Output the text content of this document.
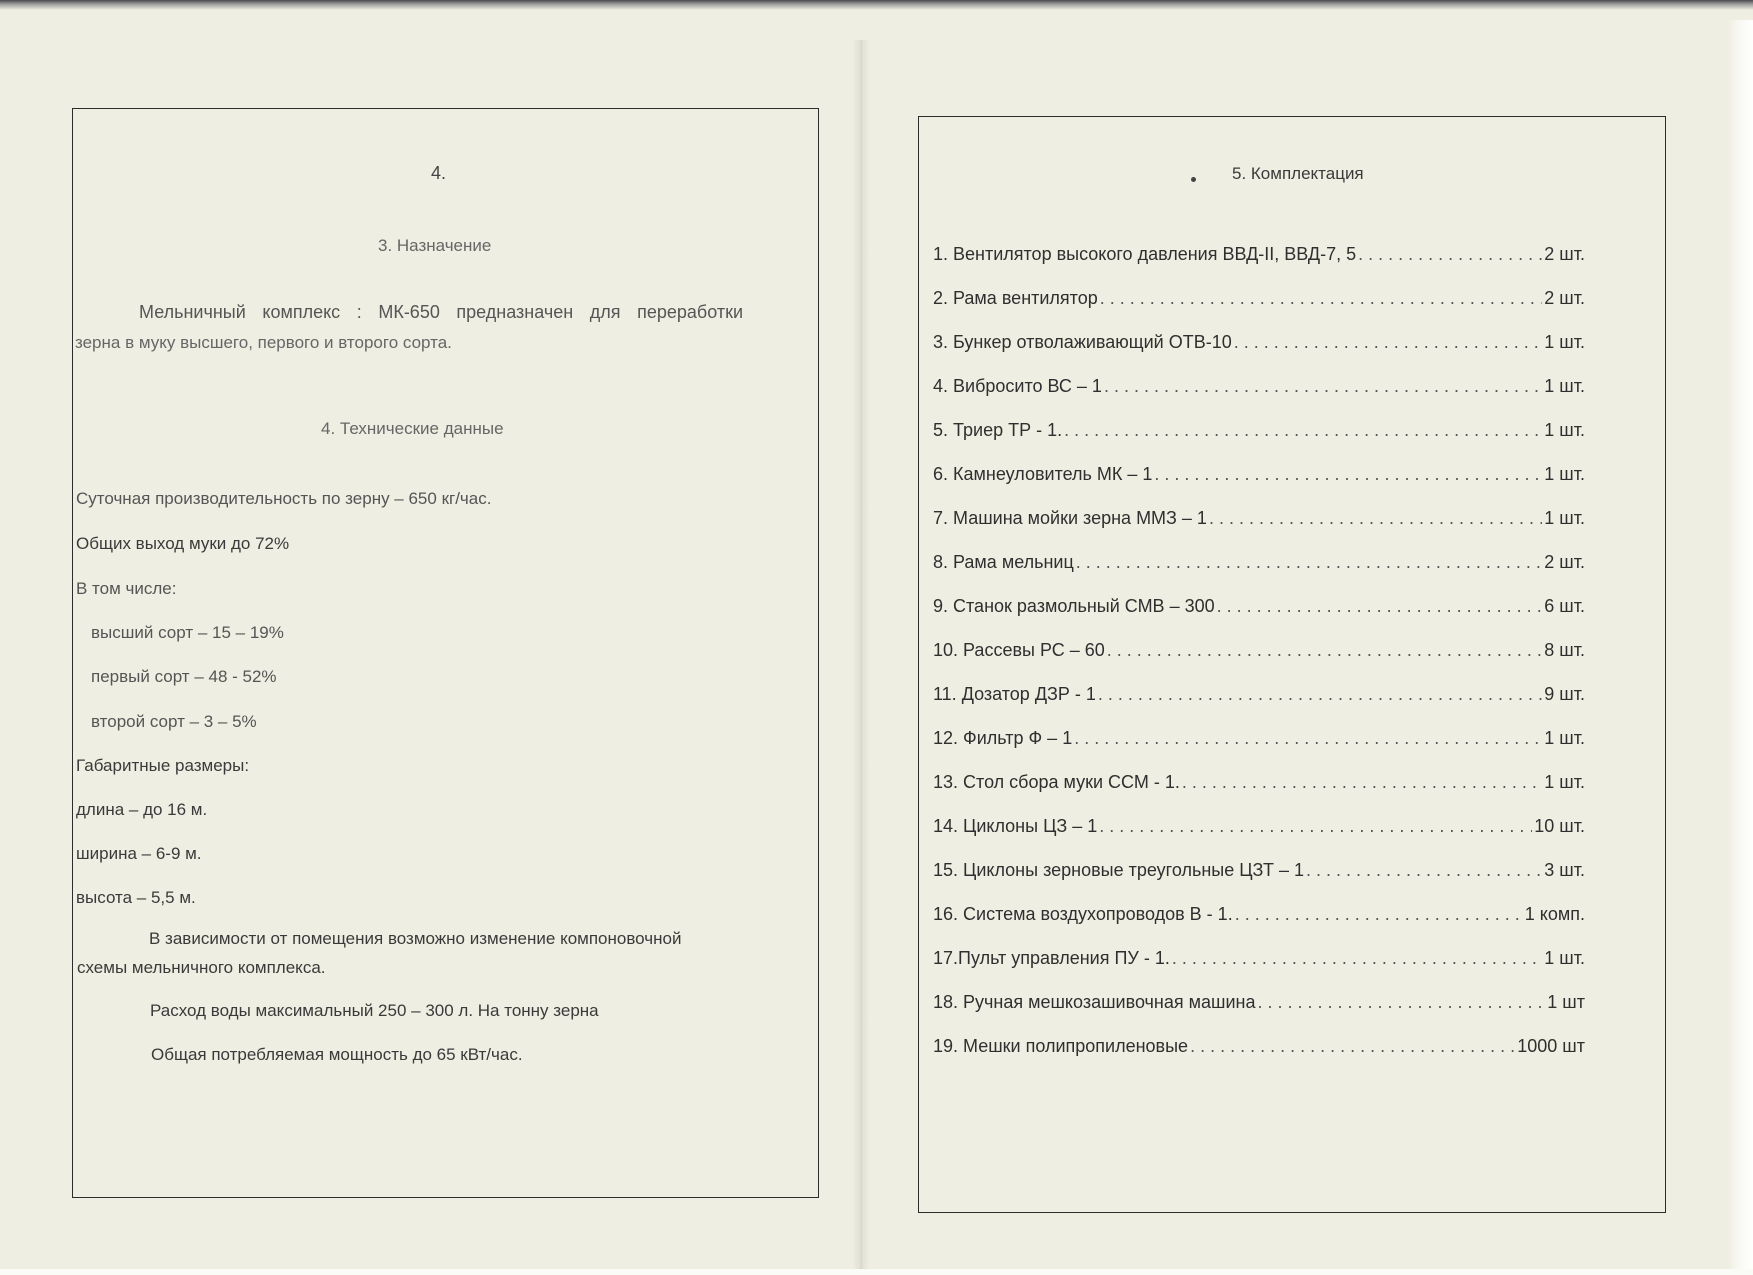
4.
3. Назначение
Мельничный комплекс : МК-650 предназначен для переработки
зерна в муку высшего, первого и второго сорта.
4. Технические данные
Суточная производительность по зерну – 650 кг/час.
Общих выход муки до 72%
В том числе:
высший сорт – 15 – 19%
первый сорт – 48 - 52%
второй сорт – 3 – 5%
Габаритные размеры:
длина – до 16 м.
ширина – 6-9 м.
высота – 5,5 м.
В зависимости от помещения возможно изменение компоновочной
схемы мельничного комплекса.
Расход воды максимальный 250 – 300 л. На тонну зерна
Общая потребляемая мощность до 65 кВт/час.
5. Комплектация
1. Вентилятор высокого давления ВВД-II, ВВД-7, 5 . . .	2 шт.
2. Рама вентилятор . . .	2 шт.
3. Бункер отволаживающий ОТВ-10 . . .	1 шт.
4. Вибросито ВС – 1 . . .	1 шт.
5. Триер ТР - 1. . . .	1 шт.
6. Камнеуловитель МК – 1 . . .	1 шт.
7. Машина мойки зерна ММЗ – 1 . . .	1 шт.
8. Рама мельниц . . .	2 шт.
9. Станок размольный СМВ – 300 . . .	6 шт.
10. Рассевы РС – 60 . . .	8 шт.
11. Дозатор ДЗР - 1 . . .	9 шт.
12. Фильтр Ф – 1 . . .	1 шт.
13. Стол сбора муки ССМ - 1. . . .	1 шт.
14. Циклоны ЦЗ – 1 . . .	10 шт.
15. Циклоны зерновые треугольные ЦЗТ – 1 . . .	3 шт.
16. Система воздухопроводов В - 1. . . .	1 комп.
17.Пульт управления ПУ - 1. . . .	1 шт.
18. Ручная мешкозашивочная машина . . .	1 шт
19. Мешки полипропиленовые . . .	1000 шт
